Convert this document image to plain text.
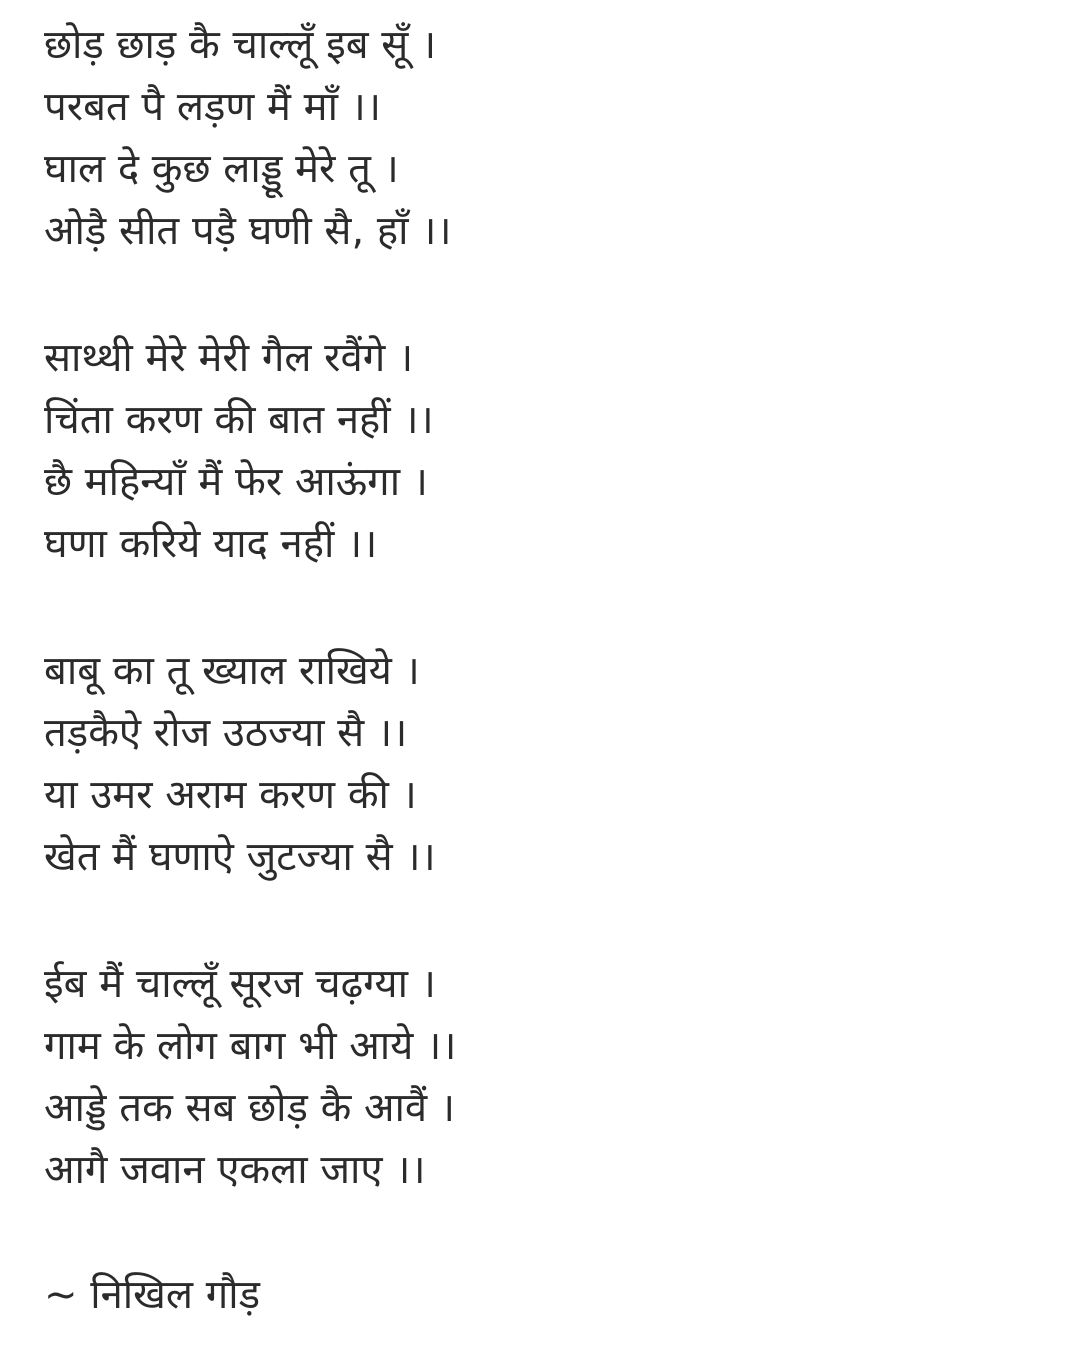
छोड़ छाड़ कै चाल्लूँ इब सूँ ।
परबत पै लड़ण मैं माँ ।।
घाल दे कुछ लाड्डू मेरे तू ।
ओड़ै सीत पड़ै घणी सै, हाँ ।।
साथ्थी मेरे मेरी गैल रवैंगे ।
चिंता करण की बात नहीं ।।
छै महिन्याँ मैं फेर आऊंगा ।
घणा करिये याद नहीं ।।
बाबू का तू ख्याल राखिये ।
तड़कैऐ रोज उठज्या सै ।।
या उमर अराम करण की ।
खेत मैं घणाऐ जुटज्या सै ।।
ईब मैं चाल्लूँ सूरज चढ़ग्या ।
गाम के लोग बाग भी आये ।।
आड्डे तक सब छोड़ कै आवैं ।
आगै जवान एकला जाए ।।
~ निखिल गौड़
